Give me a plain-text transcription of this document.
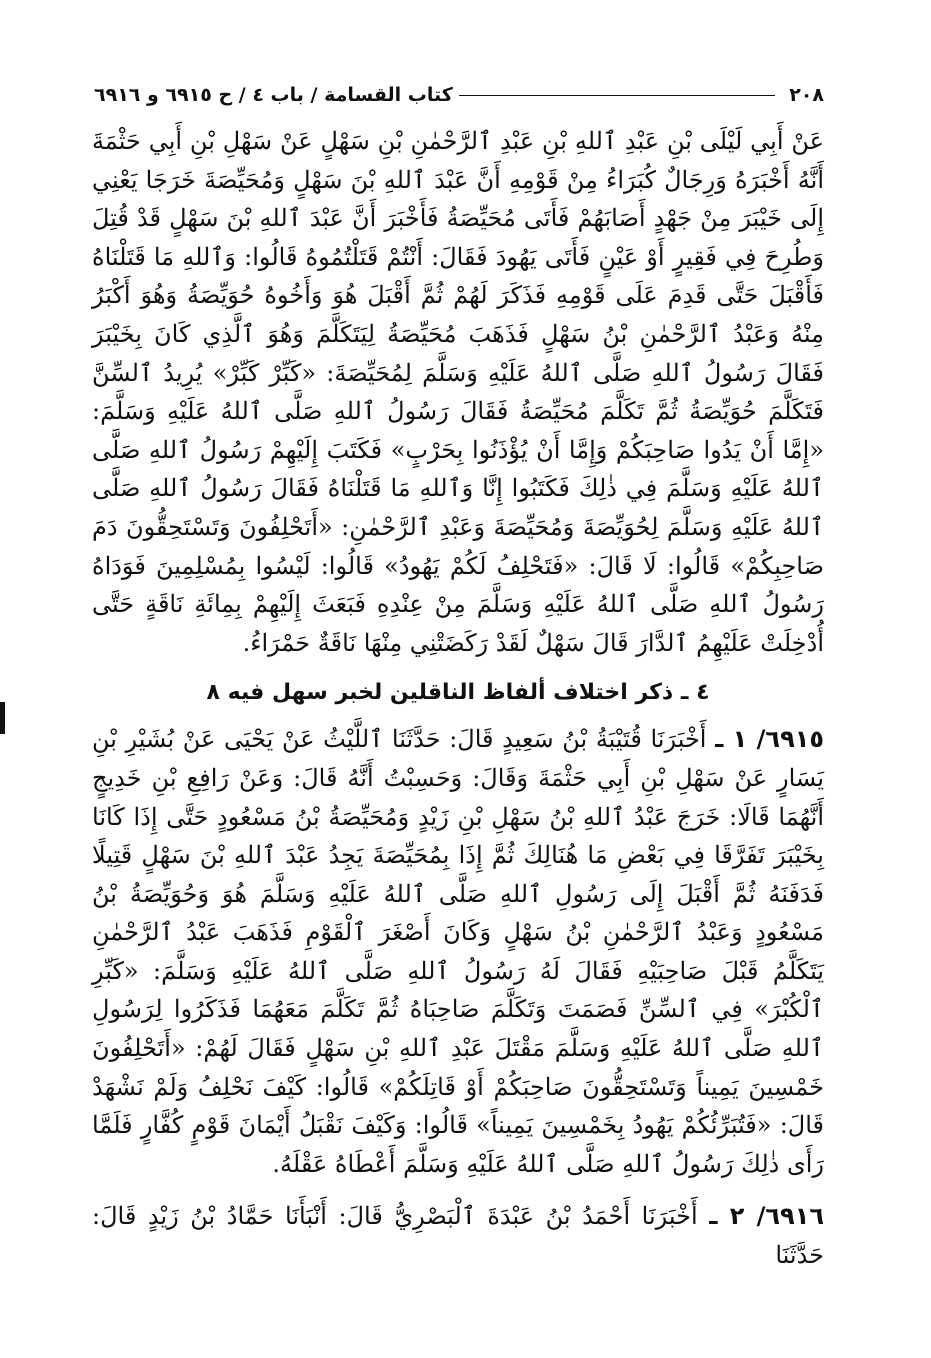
٢٠٨
كتاب القسامة / باب ٤ / ح ٦٩١٥ و ٦٩١٦

عَنْ أَبِي لَيْلَى بْنِ عَبْدِ ٱللهِ بْنِ عَبْدِ ٱلرَّحْمٰنِ بْنِ سَهْلٍ عَنْ سَهْلِ بْنِ أَبِي حَثْمَةَ أَنَّهُ أَخْبَرَهُ وَرِجَالٌ كُبَرَاءُ مِنْ قَوْمِهِ أَنَّ عَبْدَ ٱللهِ بْنَ سَهْلٍ وَمُحَيِّصَةَ خَرَجَا يَعْنِي إِلَى خَيْبَرَ مِنْ جَهْدٍ أَصَابَهُمْ فَأَتَى مُحَيِّصَةُ فَأَخْبَرَ أَنَّ عَبْدَ ٱللهِ بْنَ سَهْلٍ قَدْ قُتِلَ وَطُرِحَ فِي فَقِيرٍ أَوْ عَيْنٍ فَأَتَى يَهُودَ فَقَالَ: أَنْتُمْ قَتَلْتُمُوهُ قَالُوا: وَٱللهِ مَا قَتَلْنَاهُ فَأَقْبَلَ حَتَّى قَدِمَ عَلَى قَوْمِهِ فَذَكَرَ لَهُمْ ثُمَّ أَقْبَلَ هُوَ وَأَخُوهُ حُوَيِّصَةُ وَهُوَ أَكْبَرُ مِنْهُ وَعَبْدُ ٱلرَّحْمٰنِ بْنُ سَهْلٍ فَذَهَبَ مُحَيِّصَةُ لِيَتَكَلَّمَ وَهُوَ ٱلَّذِي كَانَ بِخَيْبَرَ فَقَالَ رَسُولُ ٱللهِ صَلَّى ٱللهُ عَلَيْهِ وَسَلَّمَ لِمُحَيِّصَةَ: «كَبِّرْ كَبِّرْ» يُرِيدُ ٱلسِّنَّ فَتَكَلَّمَ حُوَيِّصَةُ ثُمَّ تَكَلَّمَ مُحَيِّصَةُ فَقَالَ رَسُولُ ٱللهِ صَلَّى ٱللهُ عَلَيْهِ وَسَلَّمَ: «إِمَّا أَنْ يَدُوا صَاحِبَكُمْ وَإِمَّا أَنْ يُؤْذَنُوا بِحَرْبٍ» فَكَتَبَ إِلَيْهِمْ رَسُولُ ٱللهِ صَلَّى ٱللهُ عَلَيْهِ وَسَلَّمَ فِي ذٰلِكَ فَكَتَبُوا إِنَّا وَٱللهِ مَا قَتَلْنَاهُ فَقَالَ رَسُولُ ٱللهِ صَلَّى ٱللهُ عَلَيْهِ وَسَلَّمَ لِحُوَيِّصَةَ وَمُحَيِّصَةَ وَعَبْدِ ٱلرَّحْمٰنِ: «أَتَحْلِفُونَ وَتَسْتَحِقُّونَ دَمَ صَاحِبِكُمْ» قَالُوا: لَا قَالَ: «فَتَحْلِفُ لَكُمْ يَهُودُ» قَالُوا: لَيْسُوا بِمُسْلِمِينَ فَوَدَاهُ رَسُولُ ٱللهِ صَلَّى ٱللهُ عَلَيْهِ وَسَلَّمَ مِنْ عِنْدِهِ فَبَعَثَ إِلَيْهِمْ بِمِائَةِ نَاقَةٍ حَتَّى أُدْخِلَتْ عَلَيْهِمُ ٱلدَّارَ قَالَ سَهْلٌ لَقَدْ رَكَضَتْنِي مِنْهَا نَاقَةٌ حَمْرَاءُ.

٤ ـ ذكر اختلاف ألفاظ الناقلين لخبر سهل فيه ٨

٦٩١٥/ ١ ـ أَخْبَرَنَا قُتَيْبَةُ بْنُ سَعِيدٍ قَالَ: حَدَّثَنَا ٱللَّيْثُ عَنْ يَحْيَى عَنْ بُشَيْرِ بْنِ يَسَارٍ عَنْ سَهْلِ بْنِ أَبِي حَثْمَةَ وَقَالَ: وَحَسِبْتُ أَنَّهُ قَالَ: وَعَنْ رَافِعِ بْنِ خَدِيجٍ أَنَّهُمَا قَالَا: خَرَجَ عَبْدُ ٱللهِ بْنُ سَهْلِ بْنِ زَيْدٍ وَمُحَيِّصَةُ بْنُ مَسْعُودٍ حَتَّى إِذَا كَانَا بِخَيْبَرَ تَفَرَّقَا فِي بَعْضِ مَا هُنَالِكَ ثُمَّ إِذَا بِمُحَيِّصَةَ يَجِدُ عَبْدَ ٱللهِ بْنَ سَهْلٍ قَتِيلًا فَدَفَنَهُ ثُمَّ أَقْبَلَ إِلَى رَسُولِ ٱللهِ صَلَّى ٱللهُ عَلَيْهِ وَسَلَّمَ هُوَ وَحُوَيِّصَةُ بْنُ مَسْعُودٍ وَعَبْدُ ٱلرَّحْمٰنِ بْنُ سَهْلٍ وَكَانَ أَصْغَرَ ٱلْقَوْمِ فَذَهَبَ عَبْدُ ٱلرَّحْمٰنِ يَتَكَلَّمُ قَبْلَ صَاحِبَيْهِ فَقَالَ لَهُ رَسُولُ ٱللهِ صَلَّى ٱللهُ عَلَيْهِ وَسَلَّمَ: «كَبِّرِ ٱلْكُبْرَ» فِي ٱلسِّنِّ فَصَمَتَ وَتَكَلَّمَ صَاحِبَاهُ ثُمَّ تَكَلَّمَ مَعَهُمَا فَذَكَرُوا لِرَسُولِ ٱللهِ صَلَّى ٱللهُ عَلَيْهِ وَسَلَّمَ مَقْتَلَ عَبْدِ ٱللهِ بْنِ سَهْلٍ فَقَالَ لَهُمْ: «أَتَحْلِفُونَ خَمْسِينَ يَمِيناً وَتَسْتَحِقُّونَ صَاحِبَكُمْ أَوْ قَاتِلَكُمْ» قَالُوا: كَيْفَ نَحْلِفُ وَلَمْ نَشْهَدْ قَالَ: «فَتُبَرِّئُكُمْ يَهُودُ بِخَمْسِينَ يَمِيناً» قَالُوا: وَكَيْفَ نَقْبَلُ أَيْمَانَ قَوْمٍ كُفَّارٍ فَلَمَّا رَأَى ذٰلِكَ رَسُولُ ٱللهِ صَلَّى ٱللهُ عَلَيْهِ وَسَلَّمَ أَعْطَاهُ عَقْلَهُ.

٦٩١٦/ ٢ ـ أَخْبَرَنَا أَحْمَدُ بْنُ عَبْدَةَ ٱلْبَصْرِيُّ قَالَ: أَنْبَأَنَا حَمَّادُ بْنُ زَيْدٍ قَالَ: حَدَّثَنَا
